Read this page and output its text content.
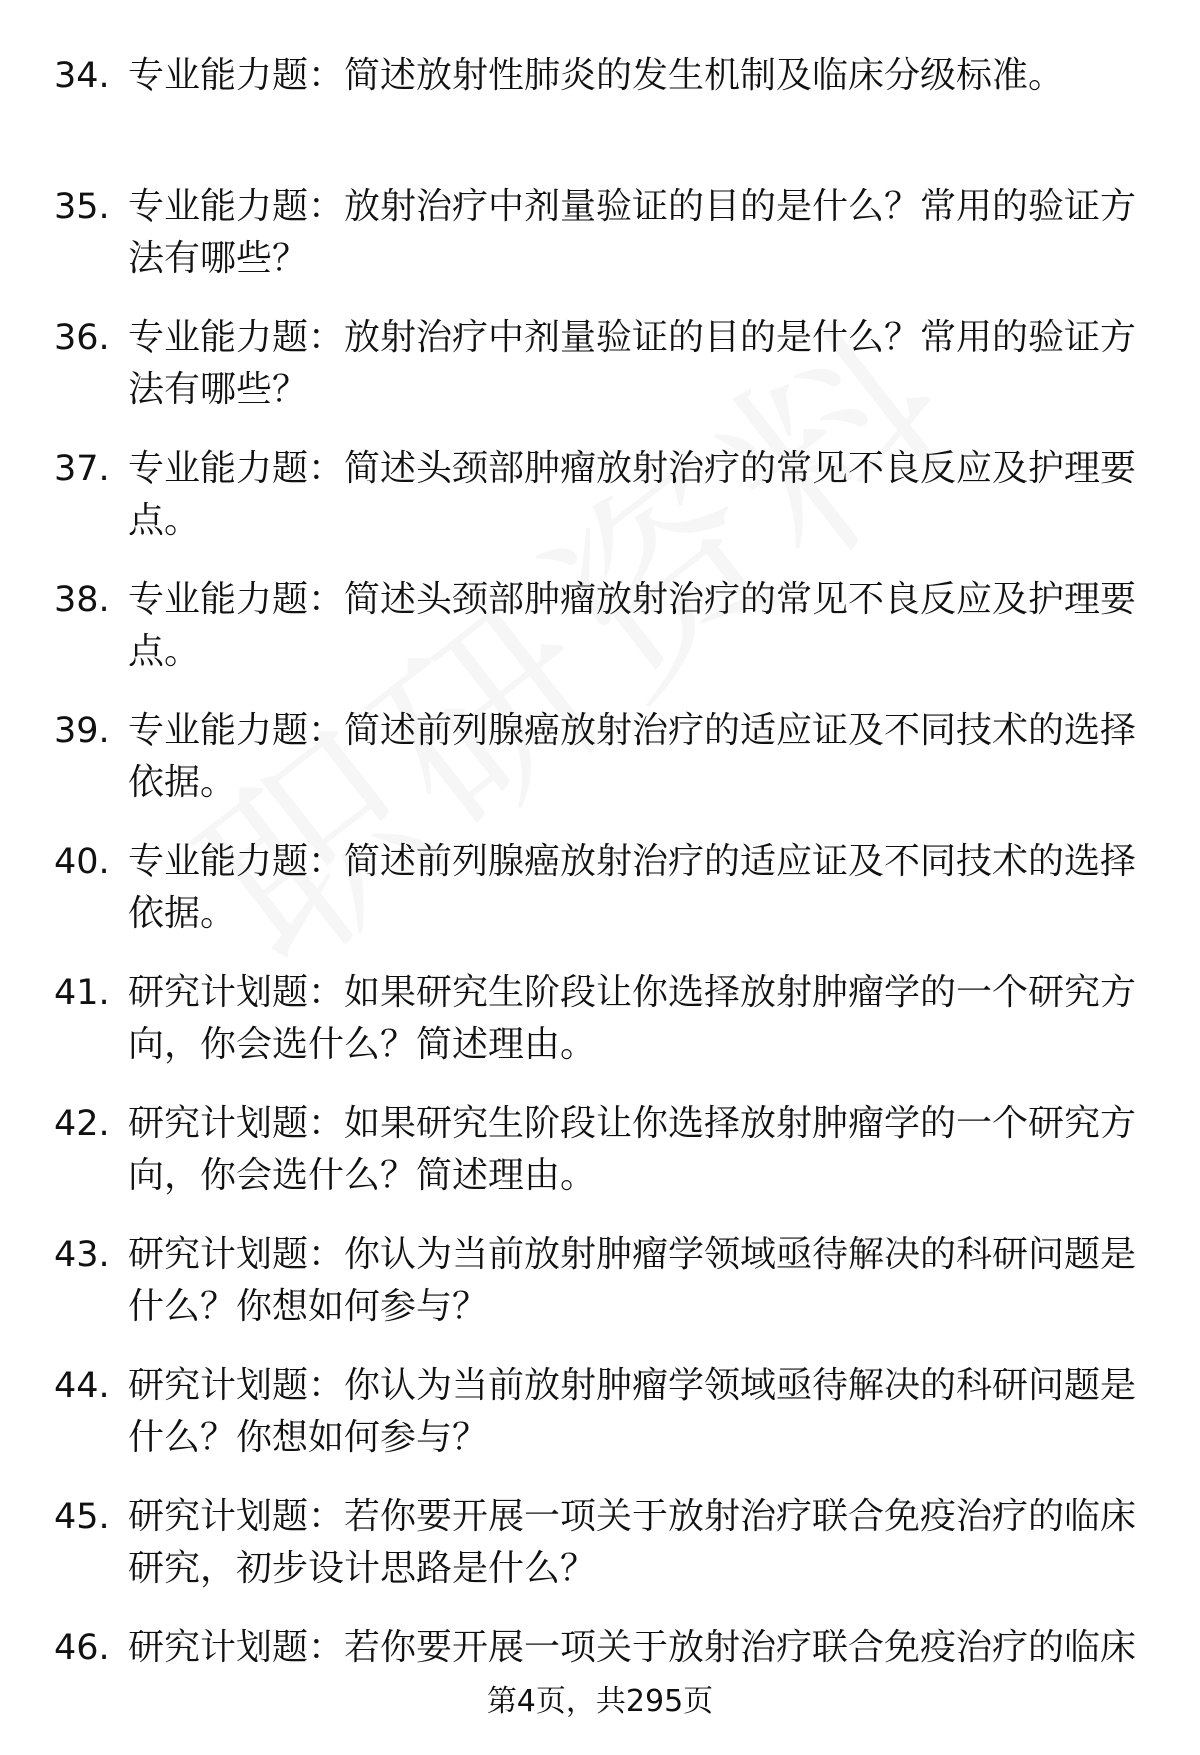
34. 专业能力题：简述放射性肺炎的发生机制及临床分级标准。
35. 专业能力题：放射治疗中剂量验证的目的是什么？常用的验证方法有哪些？
36. 专业能力题：放射治疗中剂量验证的目的是什么？常用的验证方法有哪些？
37. 专业能力题：简述头颈部肿瘤放射治疗的常见不良反应及护理要点。
38. 专业能力题：简述头颈部肿瘤放射治疗的常见不良反应及护理要点。
39. 专业能力题：简述前列腺癌放射治疗的适应证及不同技术的选择依据。
40. 专业能力题：简述前列腺癌放射治疗的适应证及不同技术的选择依据。
41. 研究计划题：如果研究生阶段让你选择放射肿瘤学的一个研究方向，你会选什么？简述理由。
42. 研究计划题：如果研究生阶段让你选择放射肿瘤学的一个研究方向，你会选什么？简述理由。
43. 研究计划题：你认为当前放射肿瘤学领域亟待解决的科研问题是什么？你想如何参与？
44. 研究计划题：你认为当前放射肿瘤学领域亟待解决的科研问题是什么？你想如何参与？
45. 研究计划题：若你要开展一项关于放射治疗联合免疫治疗的临床研究，初步设计思路是什么？
46. 研究计划题：若你要开展一项关于放射治疗联合免疫治疗的临床
第4页，共295页
